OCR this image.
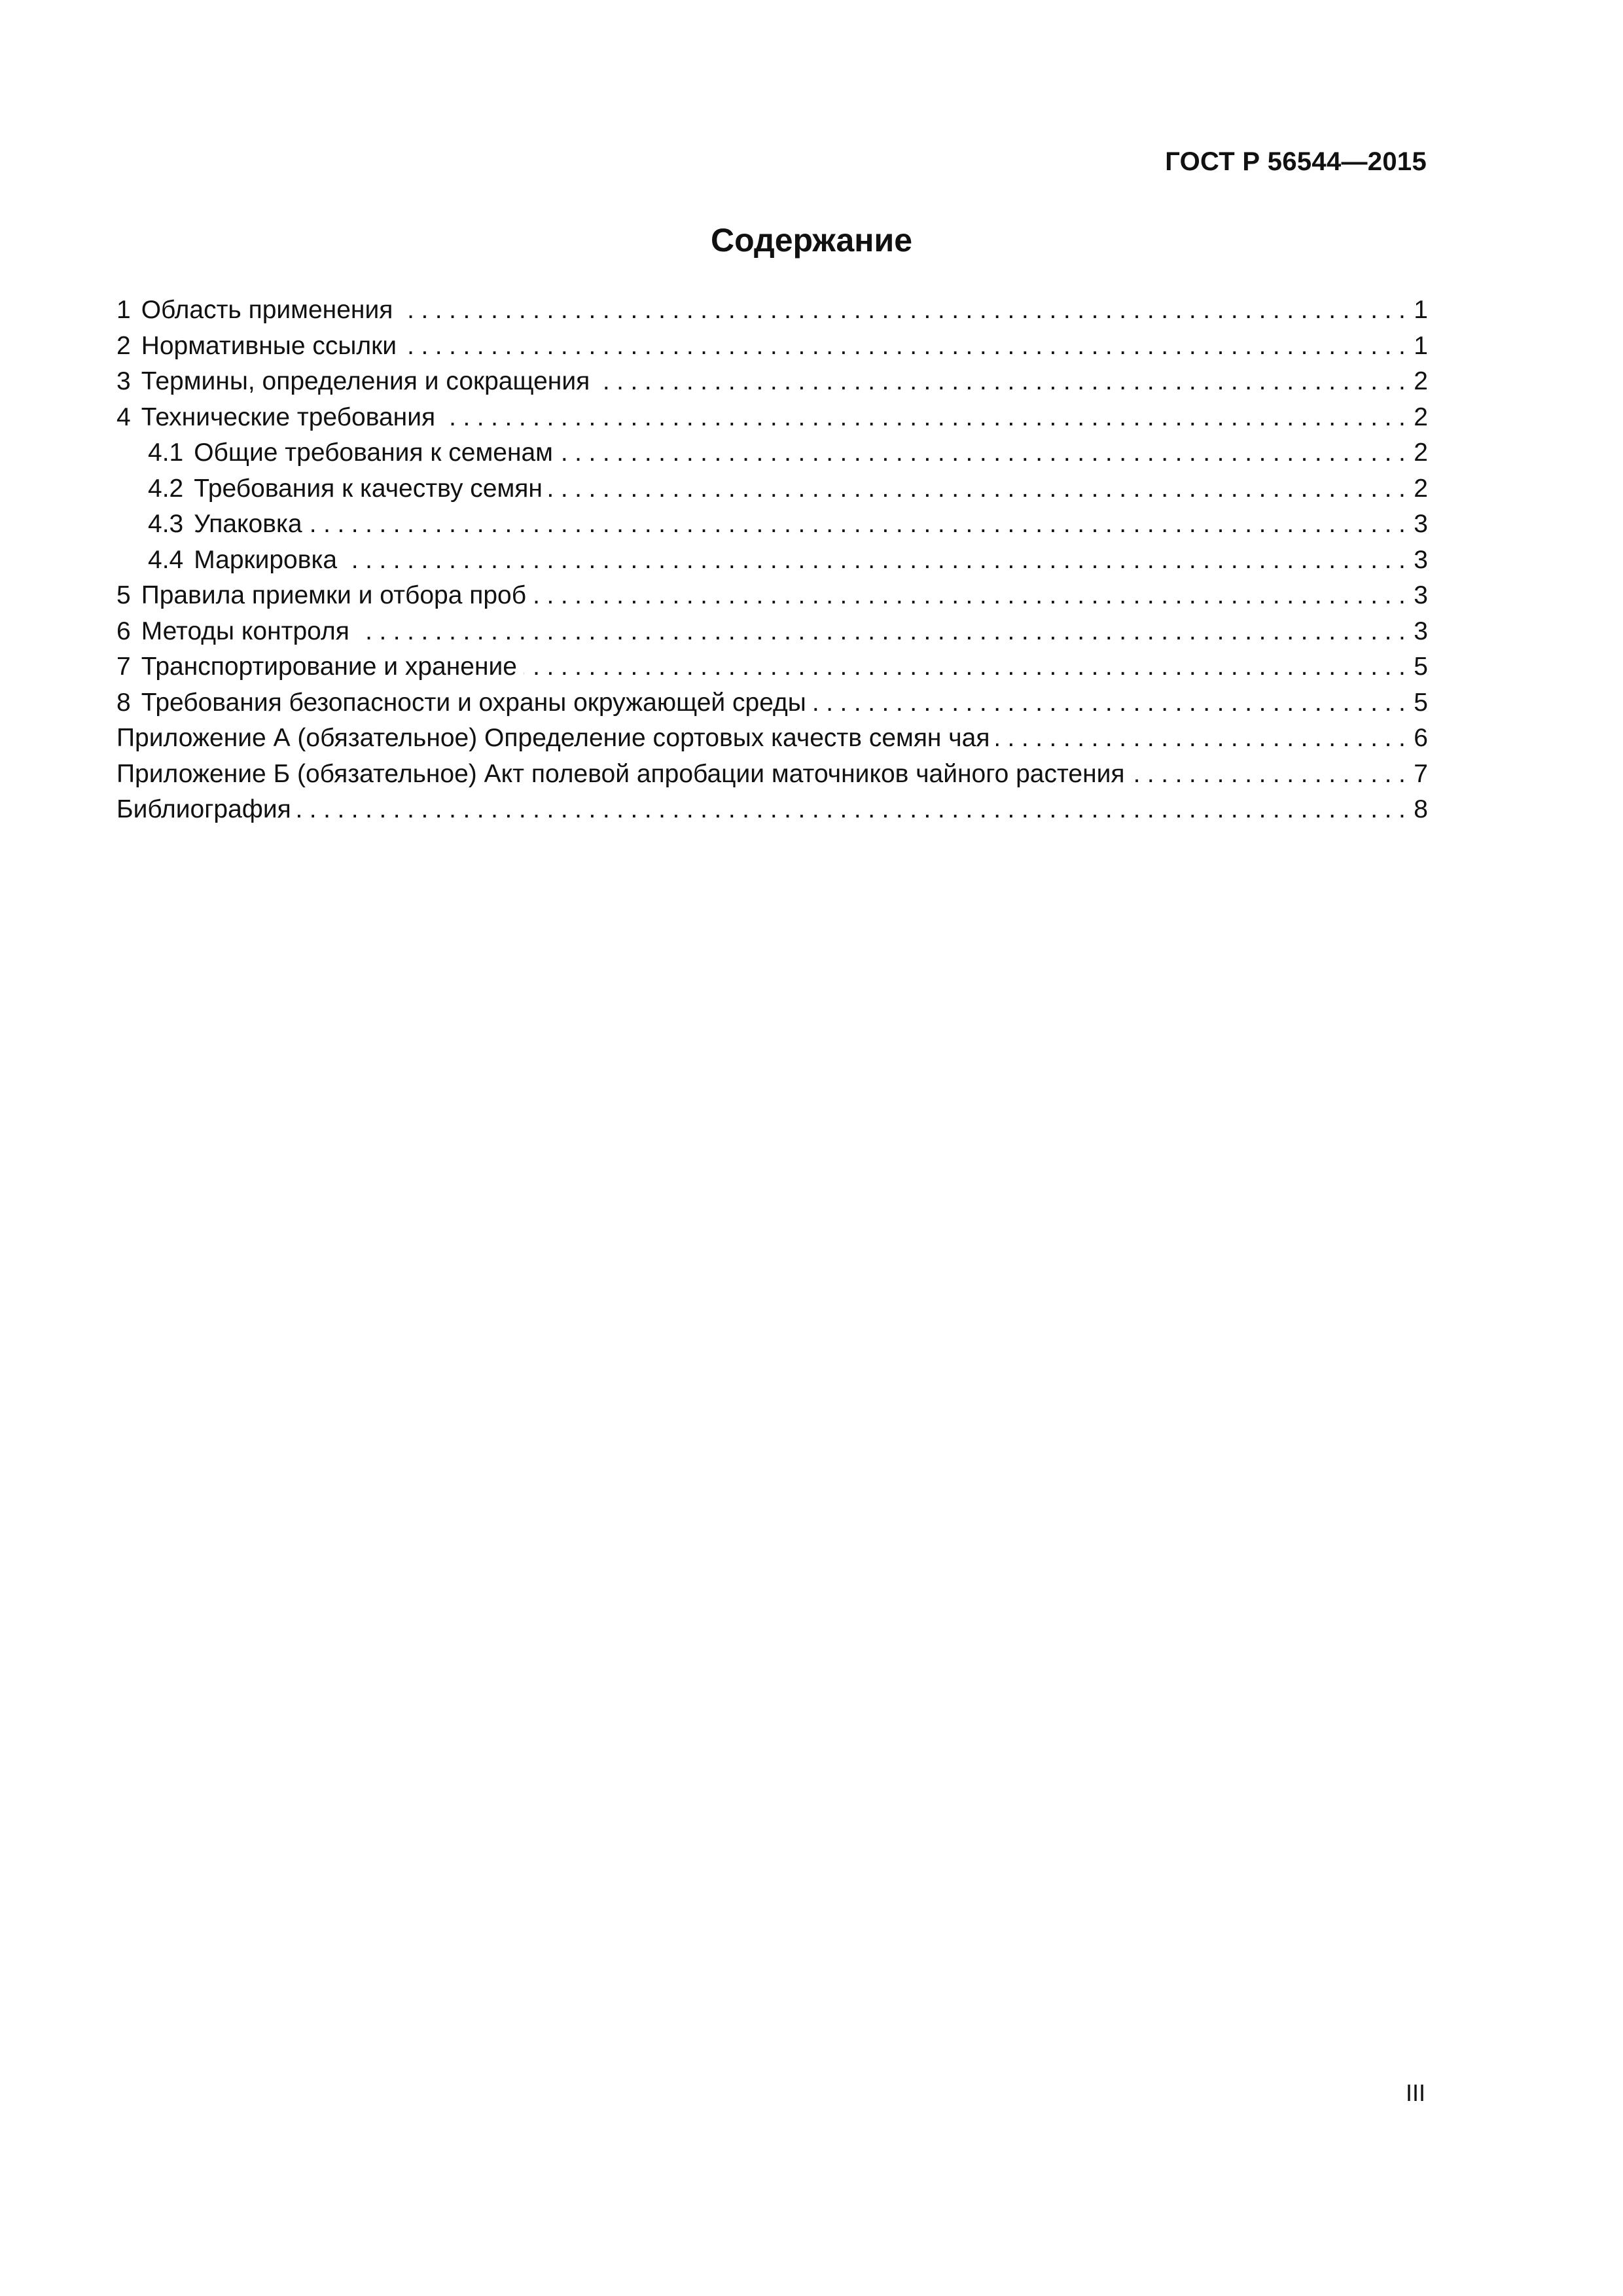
ГОСТ Р 56544—2015
Содержание
1 Область применения .....	1
2 Нормативные ссылки .....	1
3 Термины, определения и сокращения .....	2
4 Технические требования .....	2
4.1 Общие требования к семенам .....	2
4.2 Требования к качеству семян .....	2
4.3 Упаковка .....	3
4.4 Маркировка .....	3
5 Правила приемки и отбора проб .....	3
6 Методы контроля .....	3
7 Транспортирование и хранение .....	5
8 Требования безопасности и охраны окружающей среды .....	5
Приложение А (обязательное) Определение сортовых качеств семян чая .....	6
Приложение Б (обязательное) Акт полевой апробации маточников чайного растения .....	7
Библиография .....	8
III
